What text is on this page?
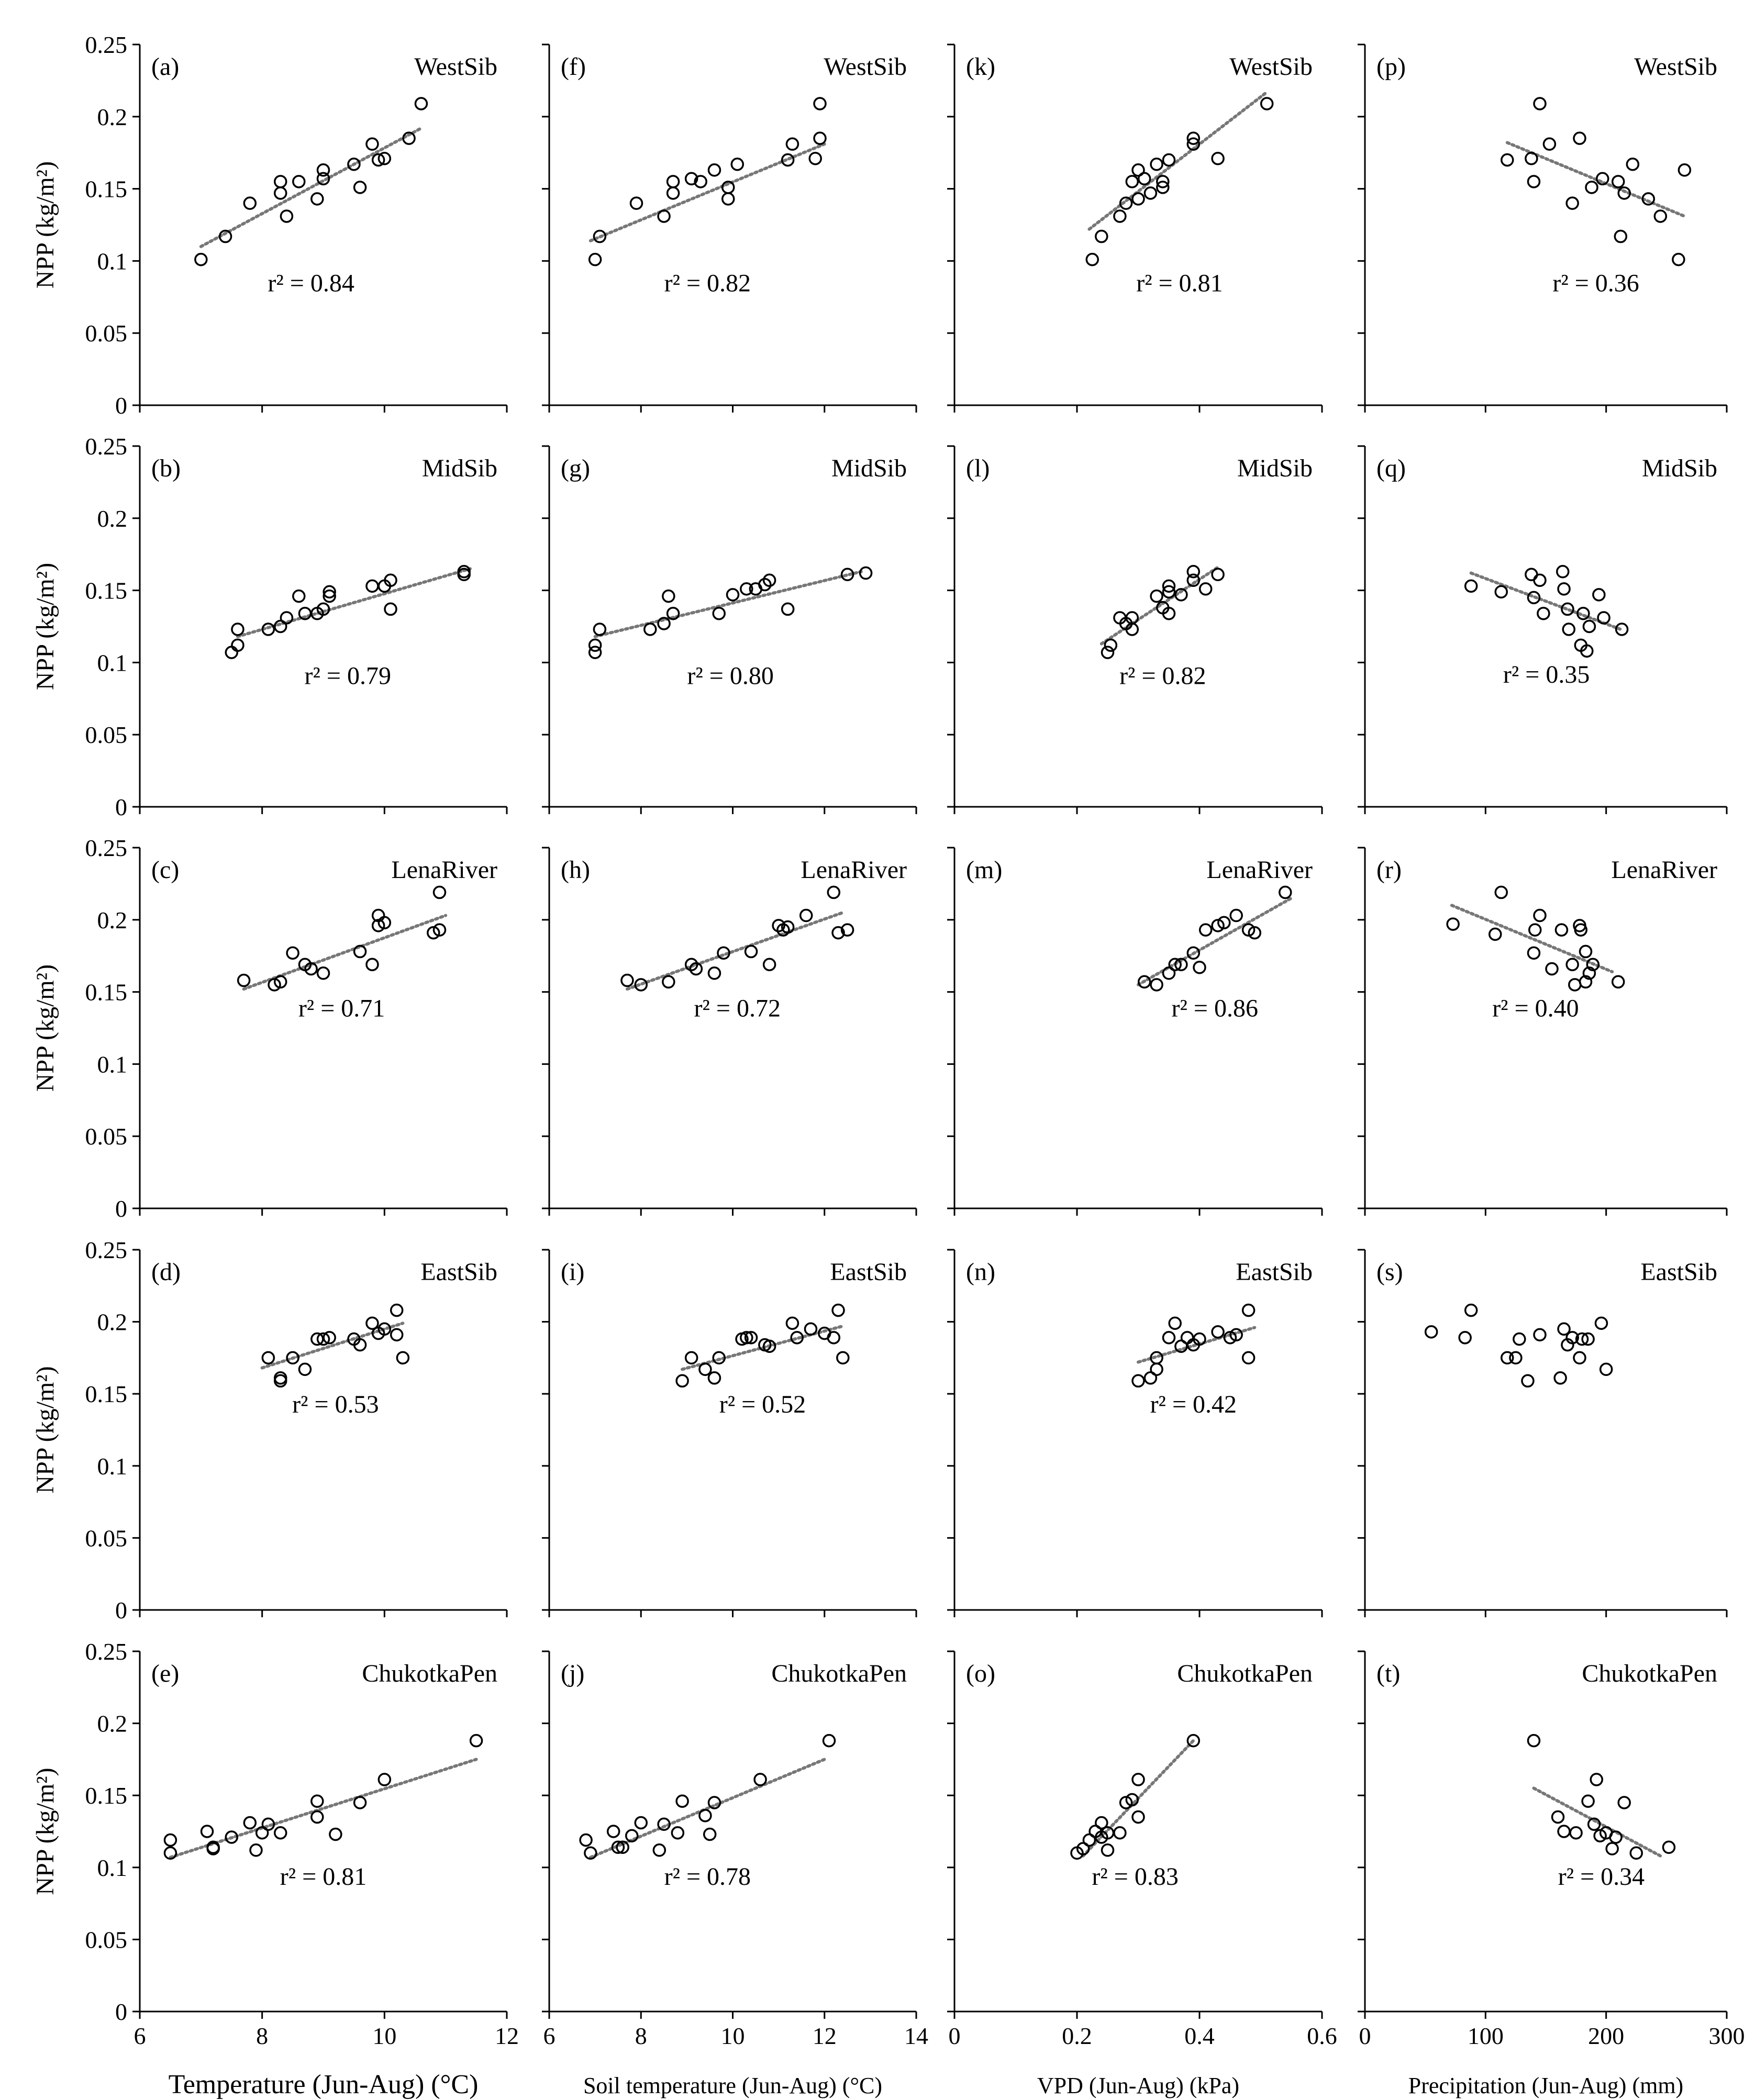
0
0.05
0.1
0.15
0.2
0.25
NPP (kg/m²)
(a)	WestSib
r² = 0.84
0
0.05
0.1
0.15
0.2
0.25
NPP (kg/m²)
(b)	MidSib
r² = 0.79
0
0.05
0.1
0.15
0.2
0.25
NPP (kg/m²)
(c)	LenaRiver
r² = 0.71
0
0.05
0.1
0.15
0.2
0.25
NPP (kg/m²)
(d)	EastSib
r² = 0.53
0
0.05
0.1
0.15
0.2
0.25
6	8	10	12
NPP (kg/m²)
(e)	ChukotkaPen
r² = 0.81
(f)	WestSib
r² = 0.82
(g)	MidSib
r² = 0.80
(h)	LenaRiver
r² = 0.72
(i)	EastSib
r² = 0.52
6	8	10	12	14
(j)	ChukotkaPen
r² = 0.78
(k)	WestSib
r² = 0.81
(l)	MidSib
r² = 0.82
(m)	LenaRiver
r² = 0.86
(n)	EastSib
r² = 0.42
0	0.2	0.4	0.6
(o)	ChukotkaPen
r² = 0.83
(p)	WestSib
r² = 0.36
(q)	MidSib
r² = 0.35
(r)	LenaRiver
r² = 0.40
(s)	EastSib
0	100	200	300
(t)	ChukotkaPen
r² = 0.34
Temperature (Jun-Aug) (°C)	Soil temperature (Jun-Aug) (°C)	VPD (Jun-Aug) (kPa)	Precipitation (Jun-Aug) (mm)
